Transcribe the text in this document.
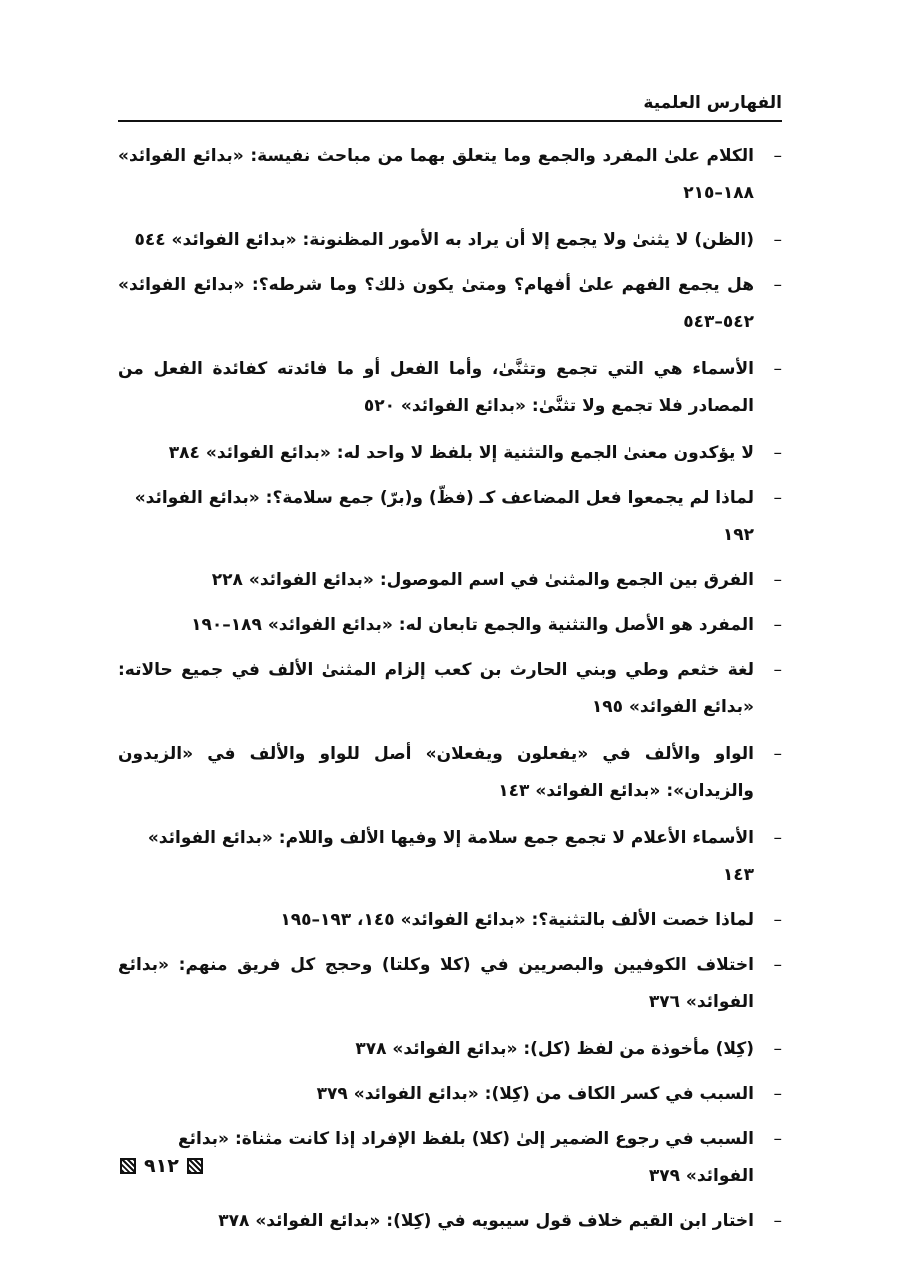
الفهارس العلمية
–
الكلام علىٰ المفرد والجمع وما يتعلق بهما من مباحث نفيسة: «بدائع الفوائد» ١٨٨–٢١٥
–
(الظن) لا يثنىٰ ولا يجمع إلا أن يراد به الأمور المظنونة: «بدائع الفوائد» ٥٤٤
–
هل يجمع الفهم علىٰ أفهام؟ ومتىٰ يكون ذلك؟ وما شرطه؟: «بدائع الفوائد» ٥٤٢–٥٤٣
–
الأسماء هي التي تجمع وتثنَّىٰ، وأما الفعل أو ما فائدته كفائدة الفعل من المصادر فلا تجمع ولا تثنَّىٰ: «بدائع الفوائد» ٥٢٠
–
لا يؤكدون معنىٰ الجمع والتثنية إلا بلفظ لا واحد له: «بدائع الفوائد» ٣٨٤
–
لماذا لم يجمعوا فعل المضاعف كـ (فظّ) و(برّ) جمع سلامة؟: «بدائع الفوائد» ١٩٢
–
الفرق بين الجمع والمثنىٰ في اسم الموصول: «بدائع الفوائد» ٢٢٨
–
المفرد هو الأصل والتثنية والجمع تابعان له: «بدائع الفوائد» ١٨٩–١٩٠
–
لغة خثعم وطي وبني الحارث بن كعب إلزام المثنىٰ الألف في جميع حالاته: «بدائع الفوائد» ١٩٥
–
الواو والألف في «يفعلون ويفعلان» أصل للواو والألف في «الزيدون والزيدان»: «بدائع الفوائد» ١٤٣
–
الأسماء الأعلام لا تجمع جمع سلامة إلا وفيها الألف واللام: «بدائع الفوائد» ١٤٣
–
لماذا خصت الألف بالتثنية؟: «بدائع الفوائد» ١٤٥، ١٩٣–١٩٥
–
اختلاف الكوفيين والبصريين في (كلا وكلتا) وحجج كل فريق منهم: «بدائع الفوائد» ٣٧٦
–
(كِلا) مأخوذة من لفظ (كل): «بدائع الفوائد» ٣٧٨
–
السبب في كسر الكاف من (كِلا): «بدائع الفوائد» ٣٧٩
–
السبب في رجوع الضمير إلىٰ (كلا) بلفظ الإفراد إذا كانت مثناة: «بدائع الفوائد» ٣٧٩
–
اختار ابن القيم خلاف قول سيبويه في (كِلا): «بدائع الفوائد» ٣٧٨
٩١٢
